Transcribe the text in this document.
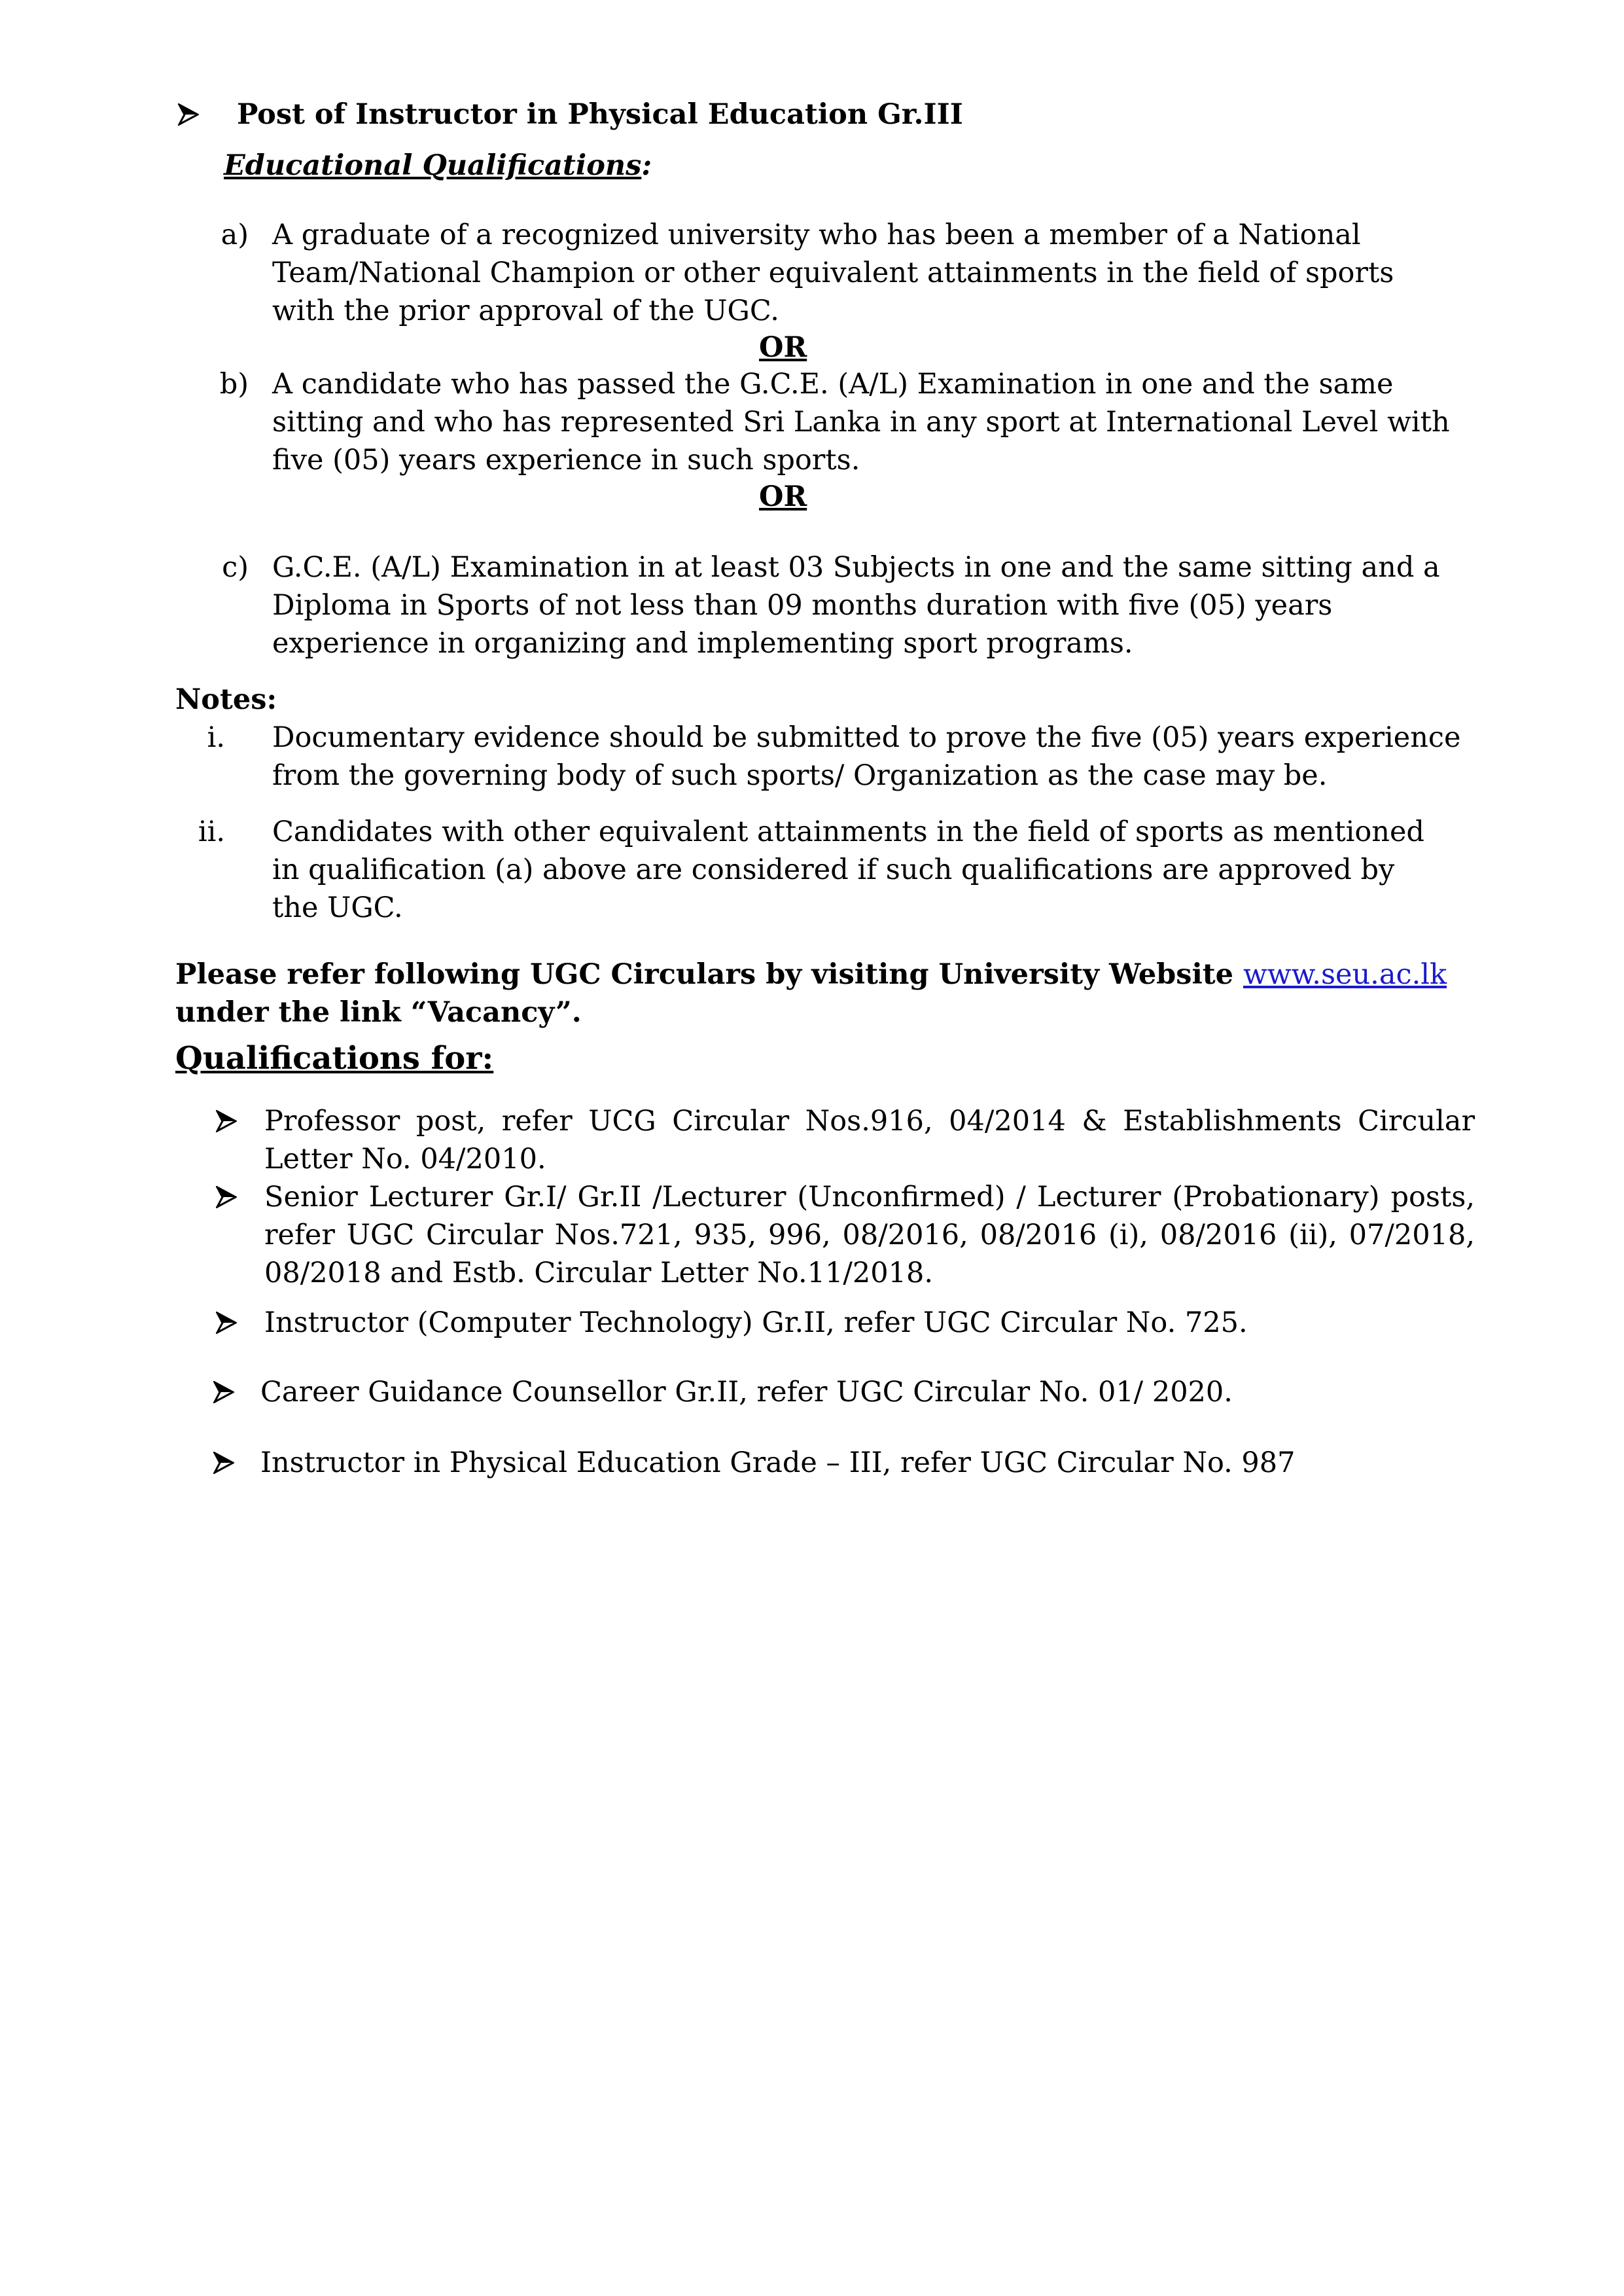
Post of Instructor in Physical Education Gr.III
Educational Qualifications:
a) A graduate of a recognized university who has been a member of a National Team/National Champion or other equivalent attainments in the field of sports with the prior approval of the UGC.
OR
b) A candidate who has passed the G.C.E. (A/L) Examination in one and the same sitting and who has represented Sri Lanka in any sport at International Level with five (05) years experience in such sports.
OR
c) G.C.E. (A/L) Examination in at least 03 Subjects in one and the same sitting and a Diploma in Sports of not less than 09 months duration with five (05) years experience in organizing and implementing sport programs.
Notes:
i. Documentary evidence should be submitted to prove the five (05) years experience from the governing body of such sports/ Organization as the case may be.
ii. Candidates with other equivalent attainments in the field of sports as mentioned in qualification (a) above are considered if such qualifications are approved by the UGC.
Please refer following UGC Circulars by visiting University Website www.seu.ac.lk under the link “Vacancy”.
Qualifications for:
Professor post, refer UCG Circular Nos.916, 04/2014 & Establishments Circular Letter No. 04/2010.
Senior Lecturer Gr.I/ Gr.II /Lecturer (Unconfirmed) / Lecturer (Probationary) posts, refer UGC Circular Nos.721, 935, 996, 08/2016, 08/2016 (i), 08/2016 (ii), 07/2018, 08/2018 and Estb. Circular Letter No.11/2018.
Instructor (Computer Technology) Gr.II, refer UGC Circular No. 725.
Career Guidance Counsellor Gr.II, refer UGC Circular No. 01/ 2020.
Instructor in Physical Education Grade – III, refer UGC Circular No. 987
